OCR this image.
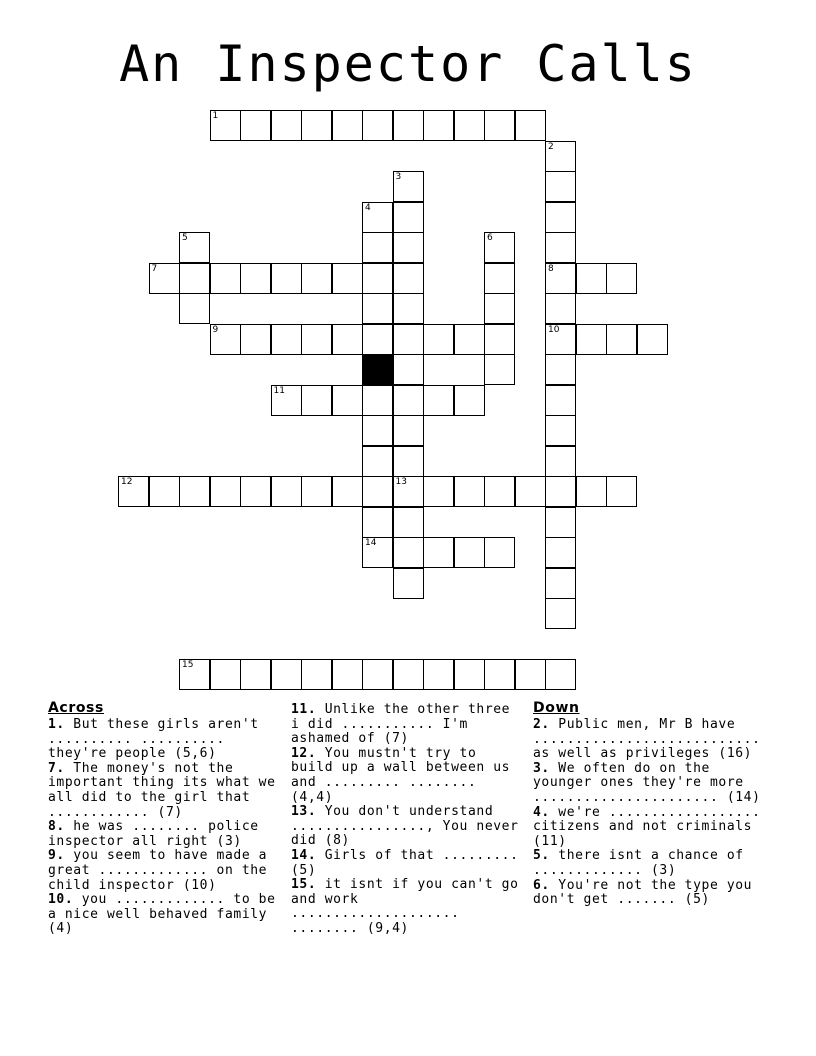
An Inspector Calls
1
7	8
9	10
11
12	13
14
15
2
3
4
5	6
Across

1. But these girls aren't .......... .......... they're people (5,6)

7. The money's not the important thing its what we all did to the girl that ............ (7)

8. he was ........ police inspector all right (3)

9. you seem to have made a great ............. on the child inspector (10)

10. you ............. to be a nice well behaved family (4)

11. Unlike the other three i did ........... I'm ashamed of (7)

12. You mustn't try to build up a wall between us and ......... ........ (4,4)

13. You don't understand ................, You never did (8)

14. Girls of that ......... (5)

15. it isnt if you can't go and work .................... ........ (9,4)

Down

2. Public men, Mr B have ........................... as well as privileges (16)

3. We often do on the younger ones they're more ...................... (14)

4. we're .................. citizens and not criminals (11)

5. there isnt a chance of ............. (3)

6. You're not the type you don't get ....... (5)
